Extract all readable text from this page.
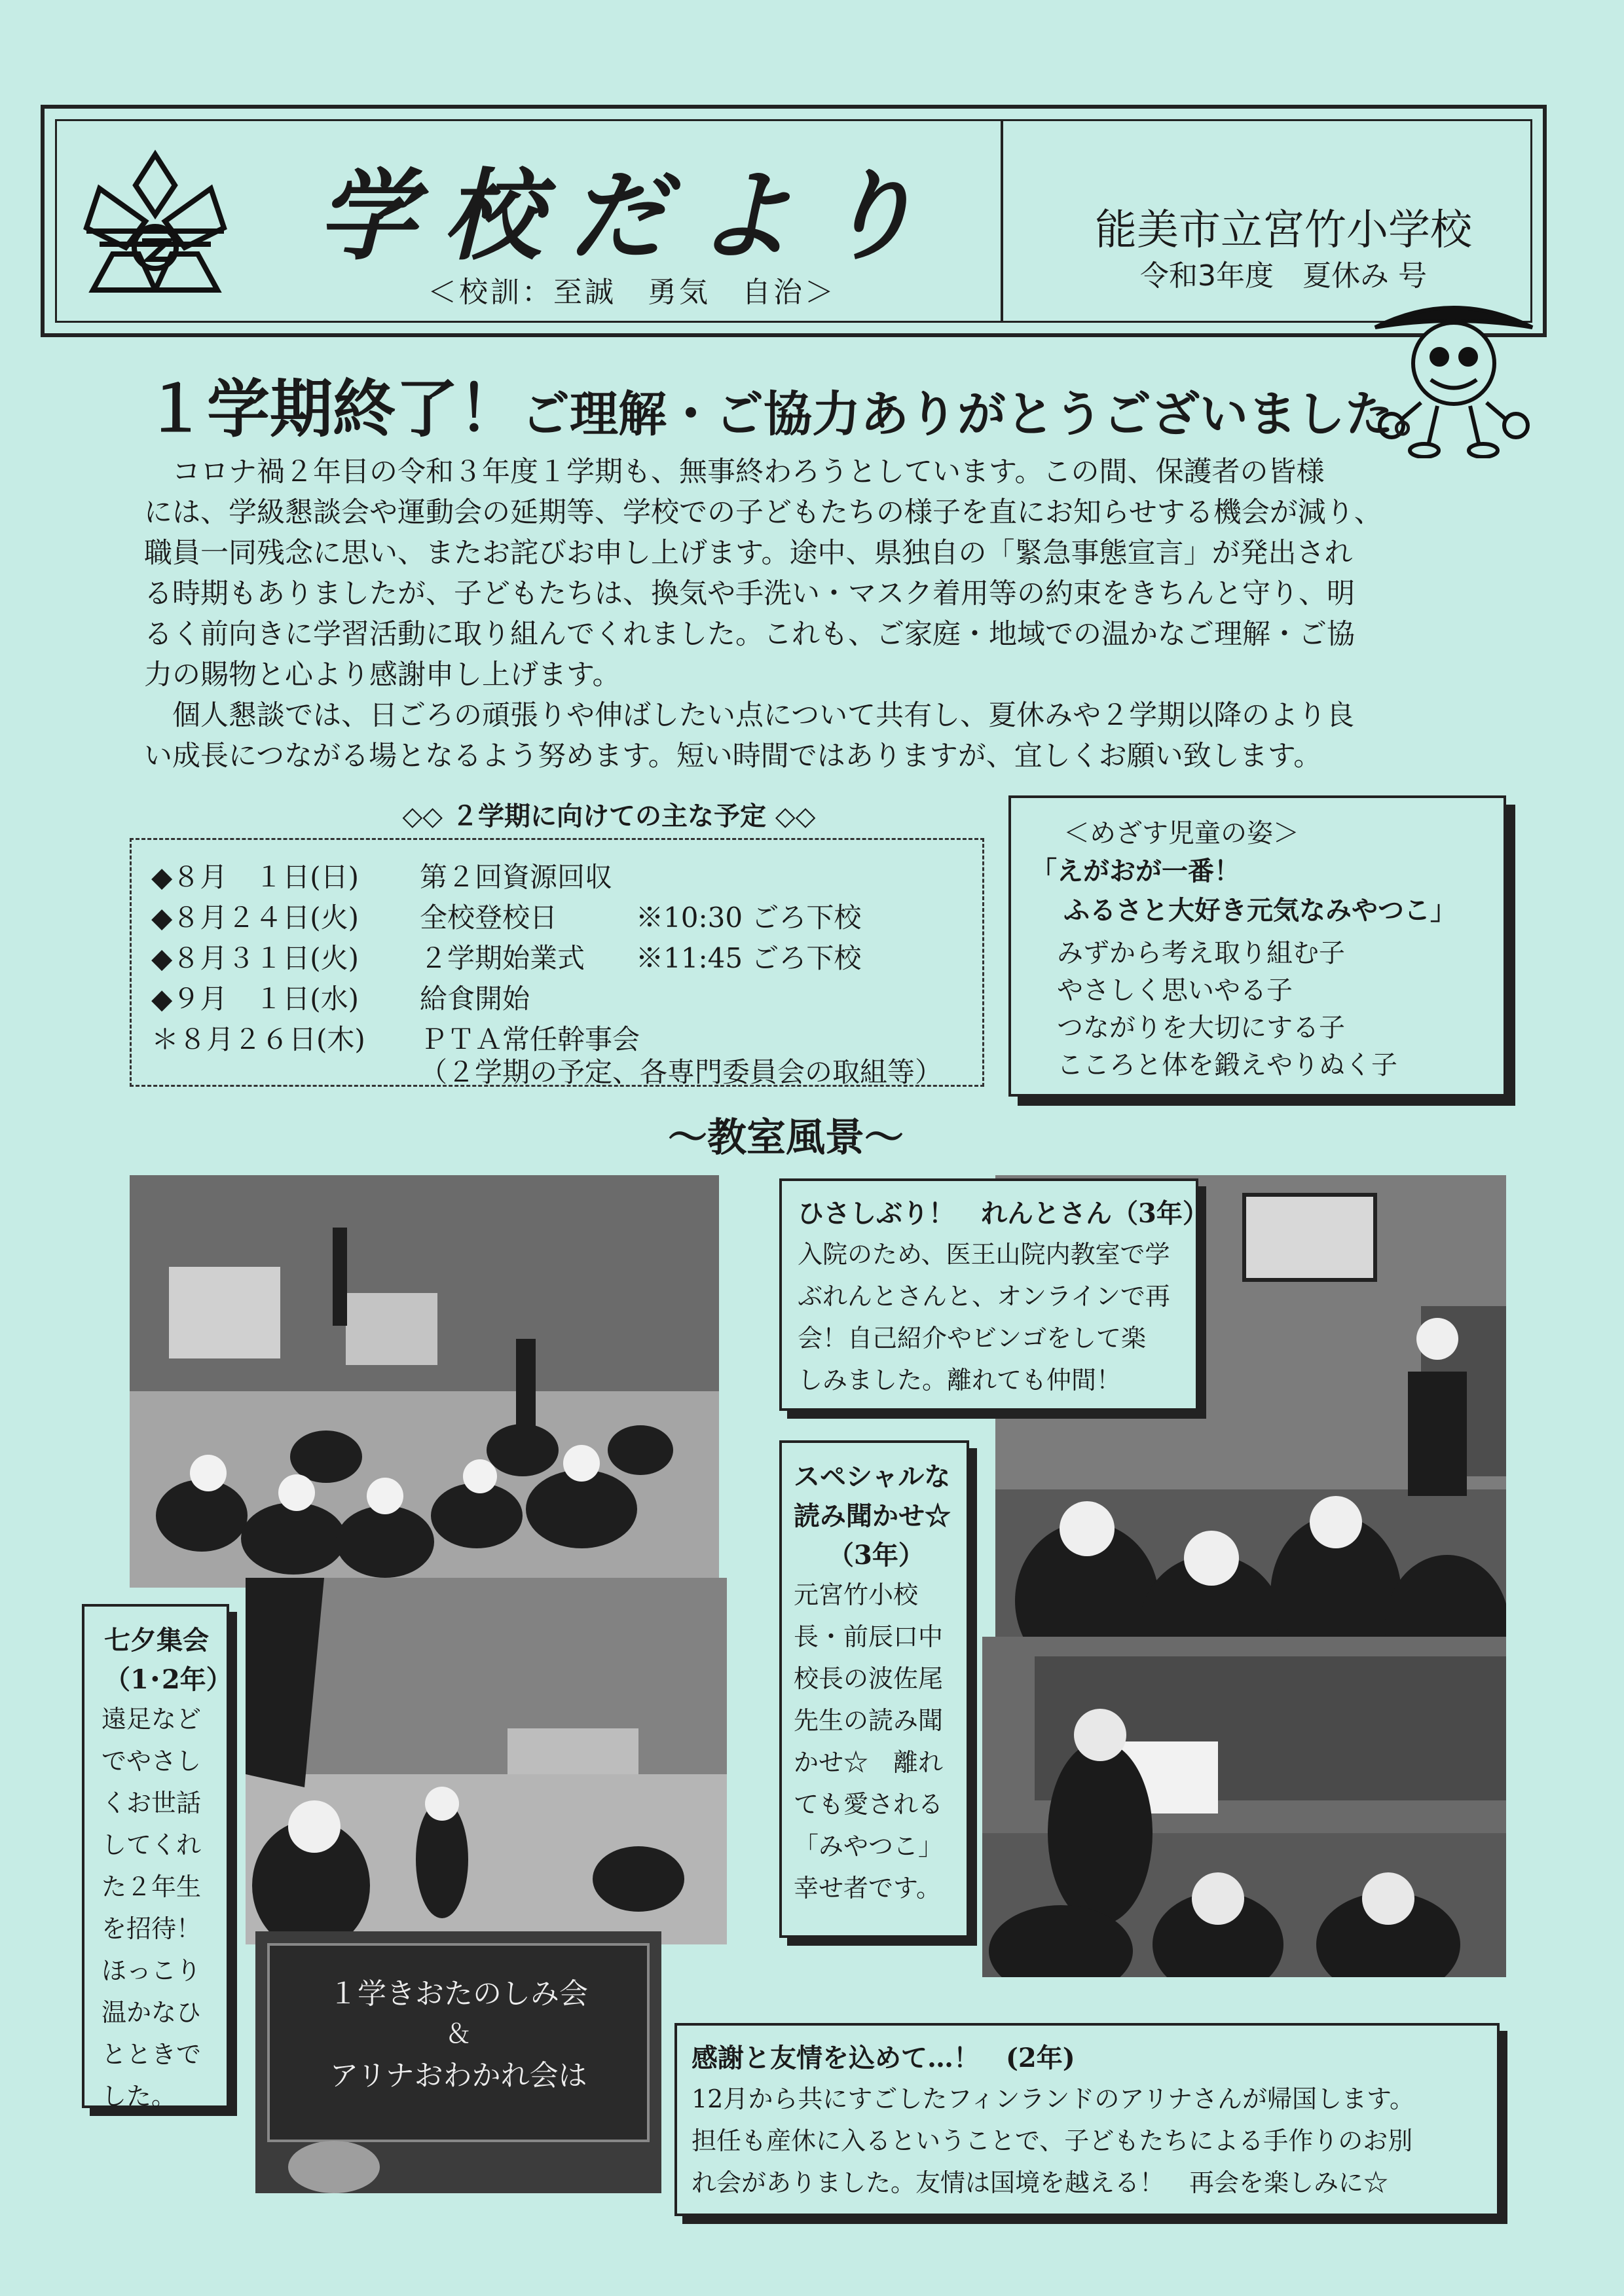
学校だより
＜校訓：至誠　勇気　自治＞
能美市立宮竹小学校
令和3年度　夏休み 号
１学期終了！ご理解・ご協力ありがとうございました。

　コロナ禍２年目の令和３年度１学期も、無事終わろうとしています。この間、保護者の皆様

には、学級懇談会や運動会の延期等、学校での子どもたちの様子を直にお知らせする機会が減り、

職員一同残念に思い、またお詫びお申し上げます。途中、県独自の「緊急事態宣言」が発出され

る時期もありましたが、子どもたちは、換気や手洗い・マスク着用等の約束をきちんと守り、明

るく前向きに学習活動に取り組んでくれました。これも、ご家庭・地域での温かなご理解・ご協

力の賜物と心より感謝申し上げます。

　個人懇談では、日ごろの頑張りや伸ばしたい点について共有し、夏休みや２学期以降のより良

い成長につながる場となるよう努めます。短い時間ではありますが、宜しくお願い致します。

◇◇ ２学期に向けての主な予定 ◇◇
◆８月　１日(日) 第２回資源回収
◆８月２４日(火) 全校登校日	※10:30 ごろ下校
◆８月３１日(火) ２学期始業式 ※11:45 ごろ下校
◆９月　１日(水) 給食開始
＊８月２６日(木) ＰＴＡ常任幹事会
（２学期の予定、各専門委員会の取組等）
＜めざす児童の姿＞
「えがおが一番！
ふるさと大好き元気なみやつこ」
みずから考え取り組む子
やさしく思いやる子
つながりを大切にする子
こころと体を鍛えやりぬく子
～教室風景～
１学きおたのしみ会
＆
アリナおわかれ会は
ひさしぶり！　れんとさん（3年）
入院のため、医王山院内教室で学
ぶれんとさんと、オンラインで再
会！自己紹介やビンゴをして楽
しみました。離れても仲間！
スペシャルな
読み聞かせ☆
（3年）
元宮竹小校
長・前辰口中
校長の波佐尾
先生の読み聞
かせ☆　離れ
ても愛される
「みやつこ」
幸せ者です。
七夕集会
（1･2年）
遠足など
でやさし
くお世話
してくれ
た２年生
を招待！
ほっこり
温かなひ
とときで
した。
感謝と友情を込めて…！　(2年)
12月から共にすごしたフィンランドのアリナさんが帰国します。
担任も産休に入るということで、子どもたちによる手作りのお別
れ会がありました。友情は国境を越える！　再会を楽しみに☆
